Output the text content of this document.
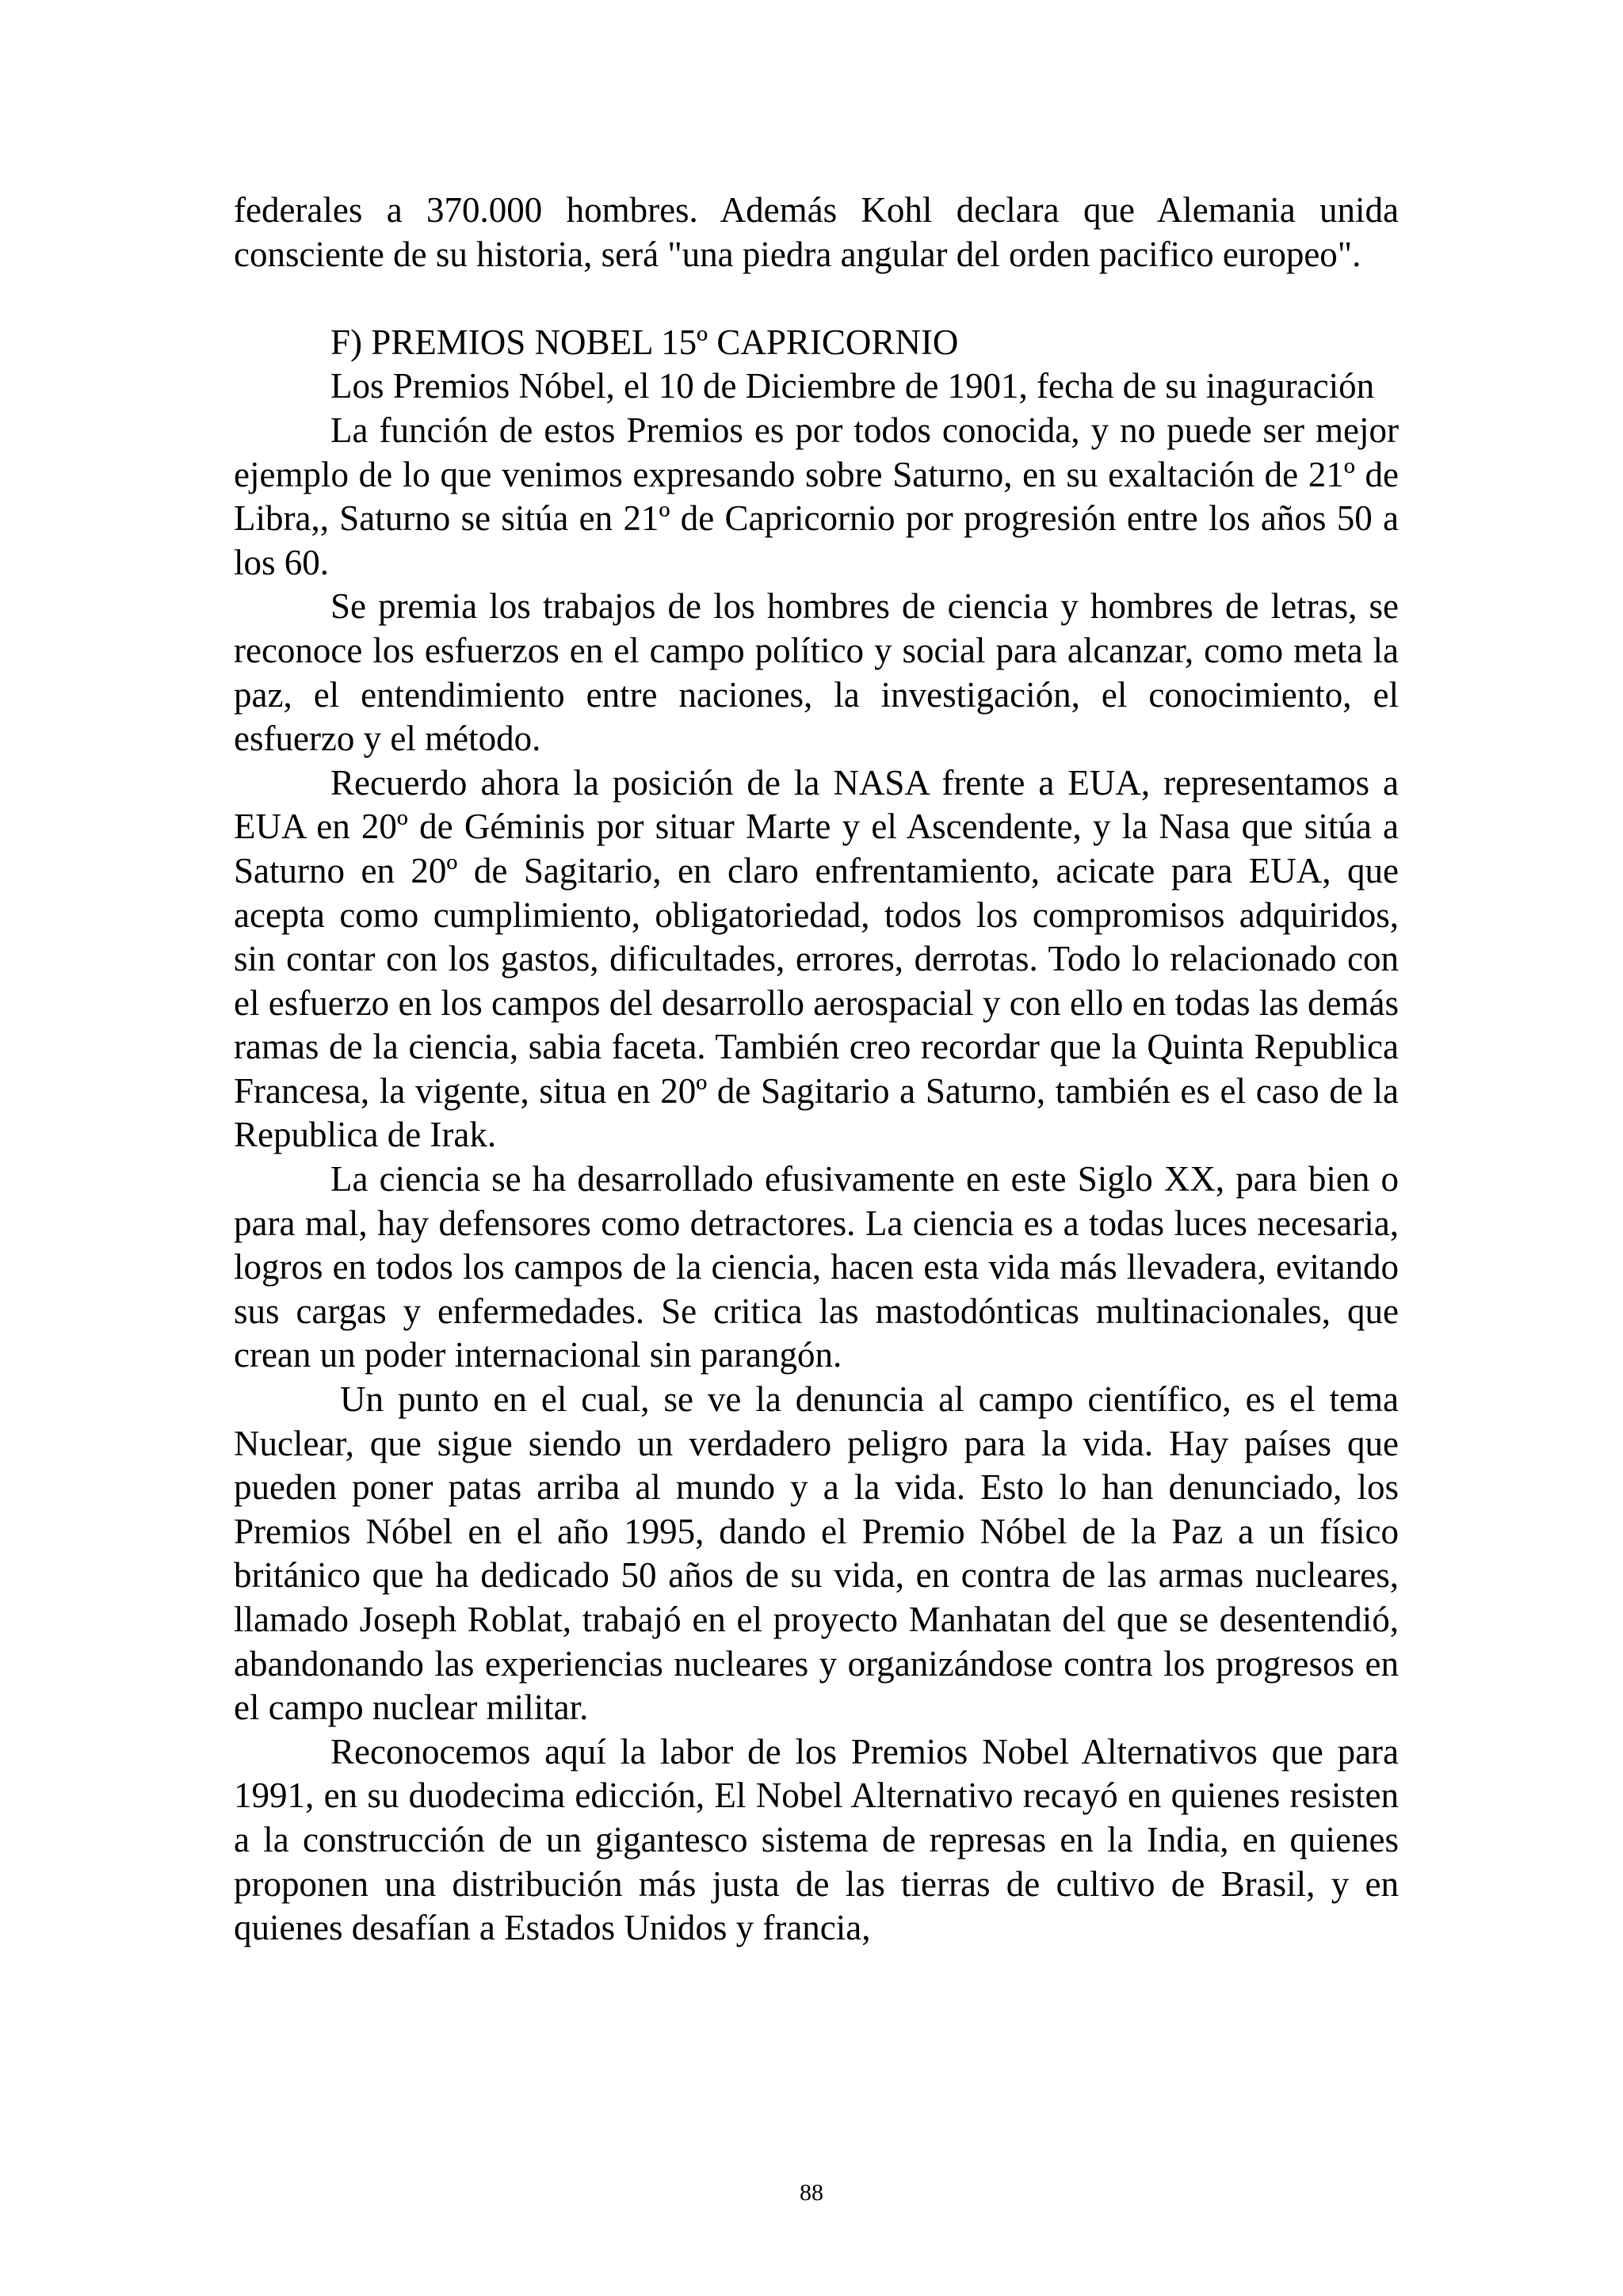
federales a 370.000 hombres. Además Kohl declara que Alemania unida consciente de su historia, será "una piedra angular del orden pacifico europeo".

F) PREMIOS NOBEL 15º CAPRICORNIO

Los Premios Nóbel, el 10 de Diciembre de 1901, fecha de su inaguración

La función de estos Premios es por todos conocida, y no puede ser mejor ejemplo de lo que venimos expresando sobre Saturno, en su exaltación de 21º de Libra,, Saturno se sitúa en 21º de Capricornio por progresión entre los años 50 a los 60.

Se premia los trabajos de los hombres de ciencia y hombres de letras, se reconoce los esfuerzos en el campo político y social para alcanzar, como meta la paz, el entendimiento entre naciones, la investigación, el conocimiento, el esfuerzo y el método.

Recuerdo ahora la posición de la NASA frente a EUA, representamos a EUA en 20º de Géminis por situar Marte y el Ascendente, y la Nasa que sitúa a Saturno en 20º de Sagitario, en claro enfrentamiento, acicate para EUA, que acepta como cumplimiento, obligatoriedad, todos los compromisos adquiridos, sin contar con los gastos, dificultades, errores, derrotas. Todo lo relacionado con el esfuerzo en los campos del desarrollo aerospacial y con ello en todas las demás ramas de la ciencia, sabia faceta. También creo recordar que la Quinta Republica Francesa, la vigente, situa en 20º de Sagitario a Saturno, también es el caso de la Republica de Irak.

La ciencia se ha desarrollado efusivamente en este Siglo XX, para bien o para mal, hay defensores como detractores. La ciencia es a todas luces necesaria, logros en todos los campos de la ciencia, hacen esta vida más llevadera, evitando sus cargas y enfermedades. Se critica las mastodónticas multinacionales, que crean un poder internacional sin parangón.

Un punto en el cual, se ve la denuncia al campo científico, es el tema Nuclear, que sigue siendo un verdadero peligro para la vida. Hay países que pueden poner patas arriba al mundo y a la vida. Esto lo han denunciado, los Premios Nóbel en el año 1995, dando el Premio Nóbel de la Paz a un físico británico que ha dedicado 50 años de su vida, en contra de las armas nucleares, llamado Joseph Roblat, trabajó en el proyecto Manhatan del que se desentendió, abandonando las experiencias nucleares y organizándose contra los progresos en el campo nuclear militar.

Reconocemos aquí la labor de los Premios Nobel Alternativos que para 1991, en su duodecima edicción, El Nobel Alternativo recayó en quienes resisten a la construcción de un gigantesco sistema de represas en la India, en quienes proponen una distribución más justa de las tierras de cultivo de Brasil, y en quienes desafían a Estados Unidos y francia,

88
